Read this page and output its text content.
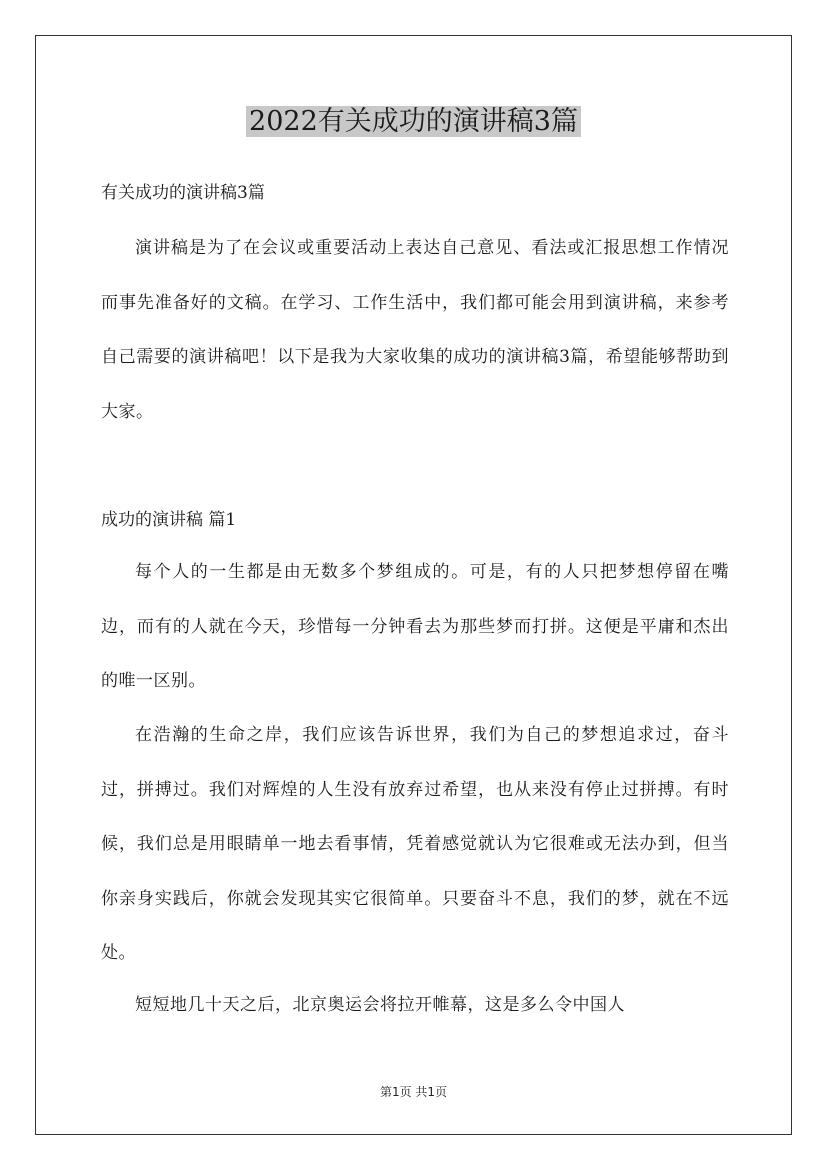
2022有关成功的演讲稿3篇
有关成功的演讲稿3篇

演讲稿是为了在会议或重要活动上表达自己意见、看法或汇报思想工作情况而事先准备好的文稿。在学习、工作生活中，我们都可能会用到演讲稿，来参考自己需要的演讲稿吧！以下是我为大家收集的成功的演讲稿3篇，希望能够帮助到大家。

成功的演讲稿 篇1

每个人的一生都是由无数多个梦组成的。可是，有的人只把梦想停留在嘴边，而有的人就在今天，珍惜每一分钟看去为那些梦而打拼。这便是平庸和杰出的唯一区别。

在浩瀚的生命之岸，我们应该告诉世界，我们为自己的梦想追求过，奋斗过，拼搏过。我们对辉煌的人生没有放弃过希望，也从来没有停止过拼搏。有时候，我们总是用眼睛单一地去看事情，凭着感觉就认为它很难或无法办到，但当你亲身实践后，你就会发现其实它很简单。只要奋斗不息，我们的梦，就在不远处。

短短地几十天之后，北京奥运会将拉开帷幕，这是多么令中国人

第1页 共1页
